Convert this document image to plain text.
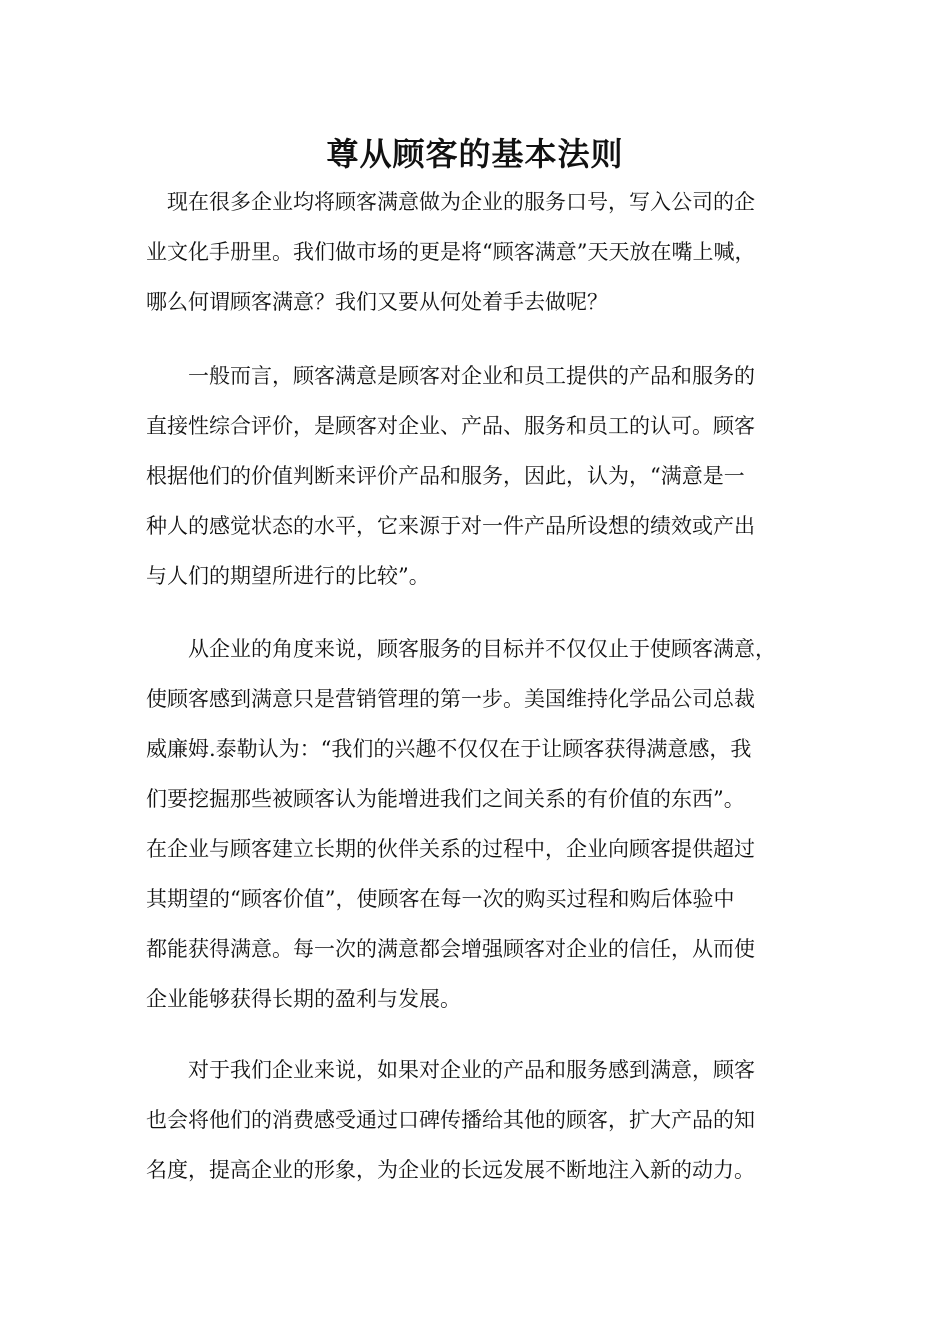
尊从顾客的基本法则
　现在很多企业均将顾客满意做为企业的服务口号，写入公司的企
业文化手册里。我们做市场的更是将“顾客满意”天天放在嘴上喊，
哪么何谓顾客满意？我们又要从何处着手去做呢？
　　一般而言，顾客满意是顾客对企业和员工提供的产品和服务的
直接性综合评价，是顾客对企业、产品、服务和员工的认可。顾客
根据他们的价值判断来评价产品和服务，因此，认为，“满意是一
种人的感觉状态的水平，它来源于对一件产品所设想的绩效或产出
与人们的期望所进行的比较”。
　　从企业的角度来说，顾客服务的目标并不仅仅止于使顾客满意，
使顾客感到满意只是营销管理的第一步。美国维持化学品公司总裁
威廉姆.泰勒认为：“我们的兴趣不仅仅在于让顾客获得满意感，我
们要挖掘那些被顾客认为能增进我们之间关系的有价值的东西”。
在企业与顾客建立长期的伙伴关系的过程中，企业向顾客提供超过
其期望的“顾客价值”，使顾客在每一次的购买过程和购后体验中
都能获得满意。每一次的满意都会增强顾客对企业的信任，从而使
企业能够获得长期的盈利与发展。
　　对于我们企业来说，如果对企业的产品和服务感到满意，顾客
也会将他们的消费感受通过口碑传播给其他的顾客，扩大产品的知
名度，提高企业的形象，为企业的长远发展不断地注入新的动力。
